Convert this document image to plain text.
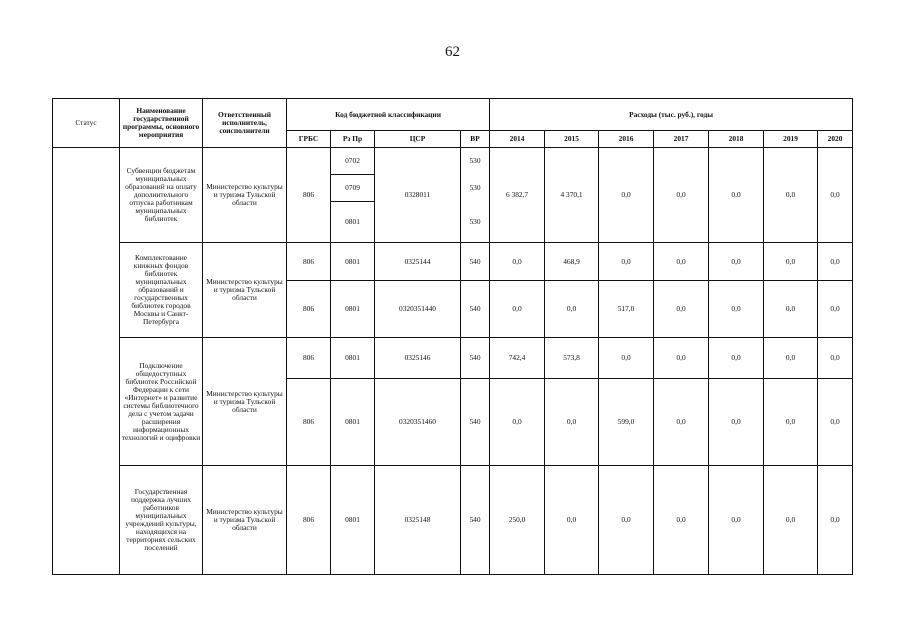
62
Статус	Наименование государственной программы, основного мероприятия	Ответственный исполнитель, соисполнители	Код бюджетной классификации				Расходы (тыс. руб.), годы						
			ГРБС	Рз Пр	ЦСР	ВР	2014	2015	2016	2017	2018	2019	2020
	Субвенции бюджетам муниципальных образований на оплату дополнительного отпуска работникам муниципальных библиотек	Министерство культуры и туризма Тульской области	806	0702	0328011	530	6 382,7	4 370,1	0,0	0,0	0,0	0,0	0,0
				0709		530							
				0801		530							
	Комплектование книжных фондов библиотек муниципальных образований и государственных библиотек городов Москвы и Санкт-Петербурга	Министерство культуры и туризма Тульской области	806	0801	0325144	540	0,0	468,9	0,0	0,0	0,0	0,0	0,0
			806	0801	0320351440	540	0,0	0,0	517,0	0,0	0,0	0,0	0,0
	Подключение общедоступных библиотек Российской Федерации к сети «Интернет» и развитие системы библиотечного дела с учетом задачи расширения информационных технологий и оцифровки	Министерство культуры и туризма Тульской области	806	0801	0325146	540	742,4	573,8	0,0	0,0	0,0	0,0	0,0
			806	0801	0320351460	540	0,0	0,0	599,0	0,0	0,0	0,0	0,0
	Государственная поддержка лучших работников муниципальных учреждений культуры, находящихся на территориях сельских поселений	Министерство культуры и туризма Тульской области	806	0801	0325148	540	250,0	0,0	0,0	0,0	0,0	0,0	0,0
